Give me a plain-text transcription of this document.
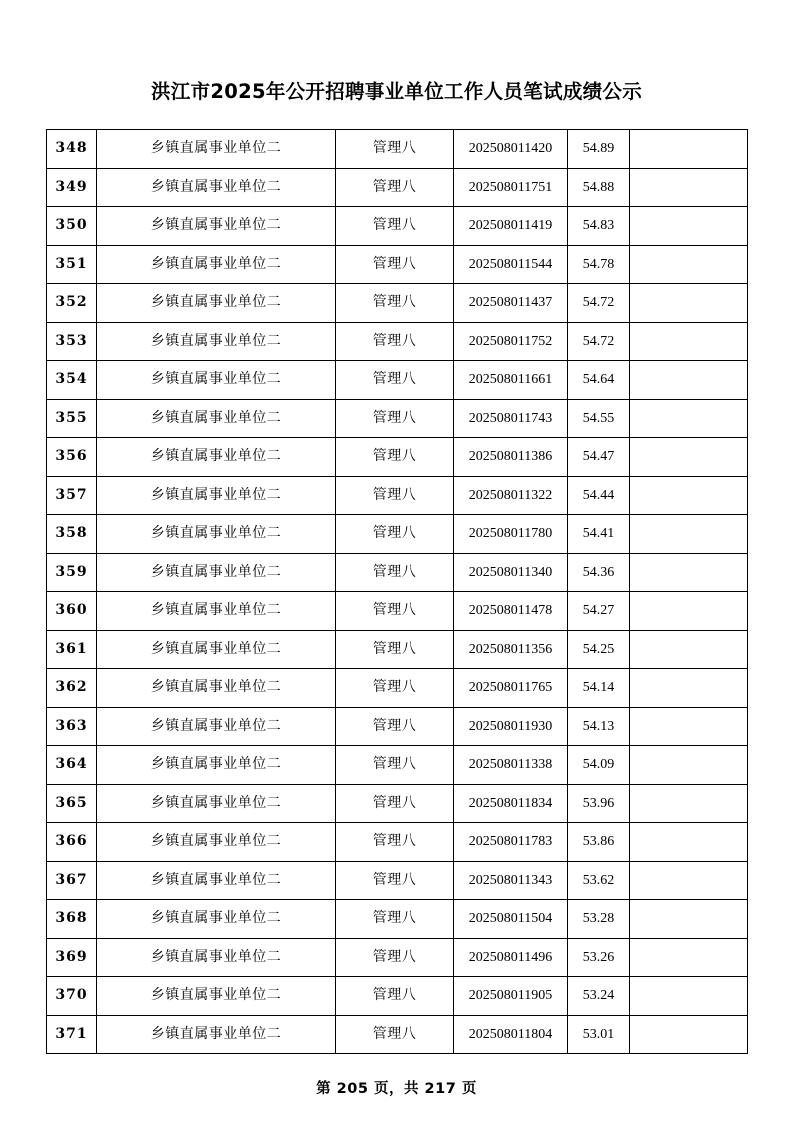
洪江市2025年公开招聘事业单位工作人员笔试成绩公示
348	乡镇直属事业单位二	管理八	202508011420	54.89	
349	乡镇直属事业单位二	管理八	202508011751	54.88	
350	乡镇直属事业单位二	管理八	202508011419	54.83	
351	乡镇直属事业单位二	管理八	202508011544	54.78	
352	乡镇直属事业单位二	管理八	202508011437	54.72	
353	乡镇直属事业单位二	管理八	202508011752	54.72	
354	乡镇直属事业单位二	管理八	202508011661	54.64	
355	乡镇直属事业单位二	管理八	202508011743	54.55	
356	乡镇直属事业单位二	管理八	202508011386	54.47	
357	乡镇直属事业单位二	管理八	202508011322	54.44	
358	乡镇直属事业单位二	管理八	202508011780	54.41	
359	乡镇直属事业单位二	管理八	202508011340	54.36	
360	乡镇直属事业单位二	管理八	202508011478	54.27	
361	乡镇直属事业单位二	管理八	202508011356	54.25	
362	乡镇直属事业单位二	管理八	202508011765	54.14	
363	乡镇直属事业单位二	管理八	202508011930	54.13	
364	乡镇直属事业单位二	管理八	202508011338	54.09	
365	乡镇直属事业单位二	管理八	202508011834	53.96	
366	乡镇直属事业单位二	管理八	202508011783	53.86	
367	乡镇直属事业单位二	管理八	202508011343	53.62	
368	乡镇直属事业单位二	管理八	202508011504	53.28	
369	乡镇直属事业单位二	管理八	202508011496	53.26	
370	乡镇直属事业单位二	管理八	202508011905	53.24	
371	乡镇直属事业单位二	管理八	202508011804	53.01	
第 205 页，共 217 页
